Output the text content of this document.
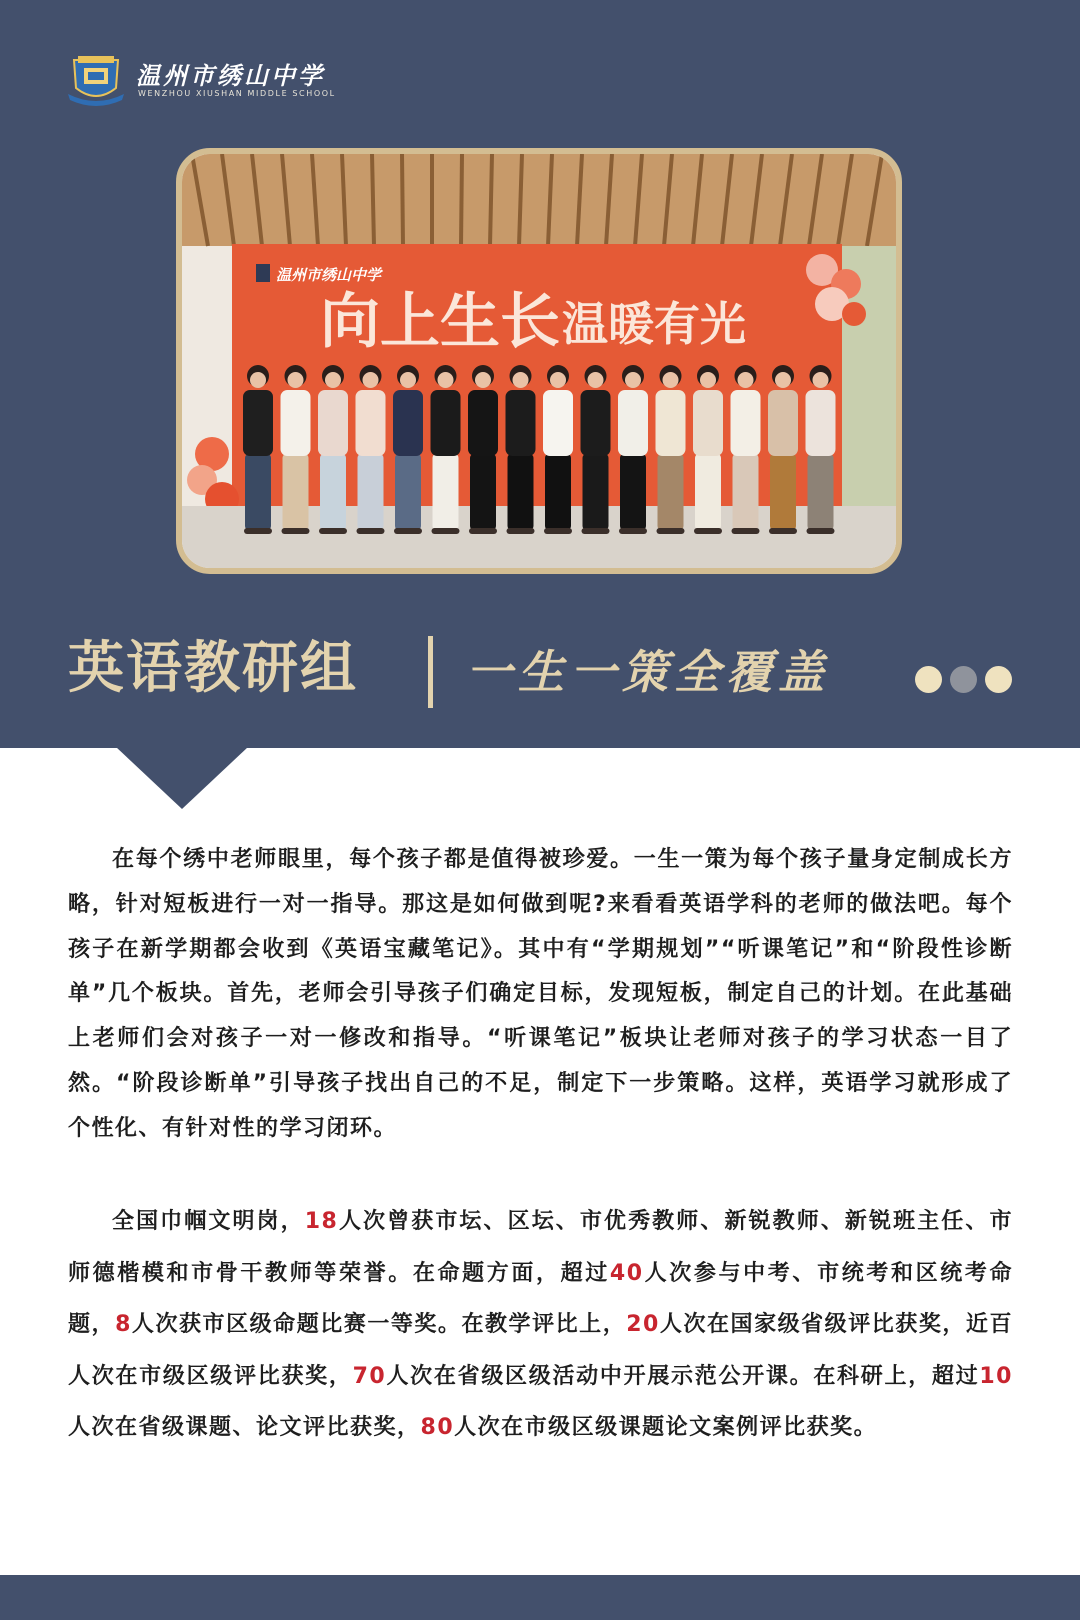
温州市绣山中学
WENZHOU XIUSHAN MIDDLE SCHOOL
温州市绣山中学
向上生长 温暖有光
英语教研组 一生一策全覆盖

在每个绣中老师眼里，每个孩子都是值得被珍爱。一生一策为每个孩子量身定制成长方略，针对短板进行一对一指导。那这是如何做到呢?来看看英语学科的老师的做法吧。每个孩子在新学期都会收到《英语宝藏笔记》。其中有“学期规划”“听课笔记”和“阶段性诊断单”几个板块。首先，老师会引导孩子们确定目标，发现短板，制定自己的计划。在此基础上老师们会对孩子一对一修改和指导。“听课笔记”板块让老师对孩子的学习状态一目了然。“阶段诊断单”引导孩子找出自己的不足，制定下一步策略。这样，英语学习就形成了个性化、有针对性的学习闭环。

全国巾帼文明岗，18人次曾获市坛、区坛、市优秀教师、新锐教师、新锐班主任、市师德楷模和市骨干教师等荣誉。在命题方面，超过40人次参与中考、市统考和区统考命题，8人次获市区级命题比赛一等奖。在教学评比上，20人次在国家级省级评比获奖，近百人次在市级区级评比获奖，70人次在省级区级活动中开展示范公开课。在科研上，超过10人次在省级课题、论文评比获奖，80人次在市级区级课题论文案例评比获奖。
